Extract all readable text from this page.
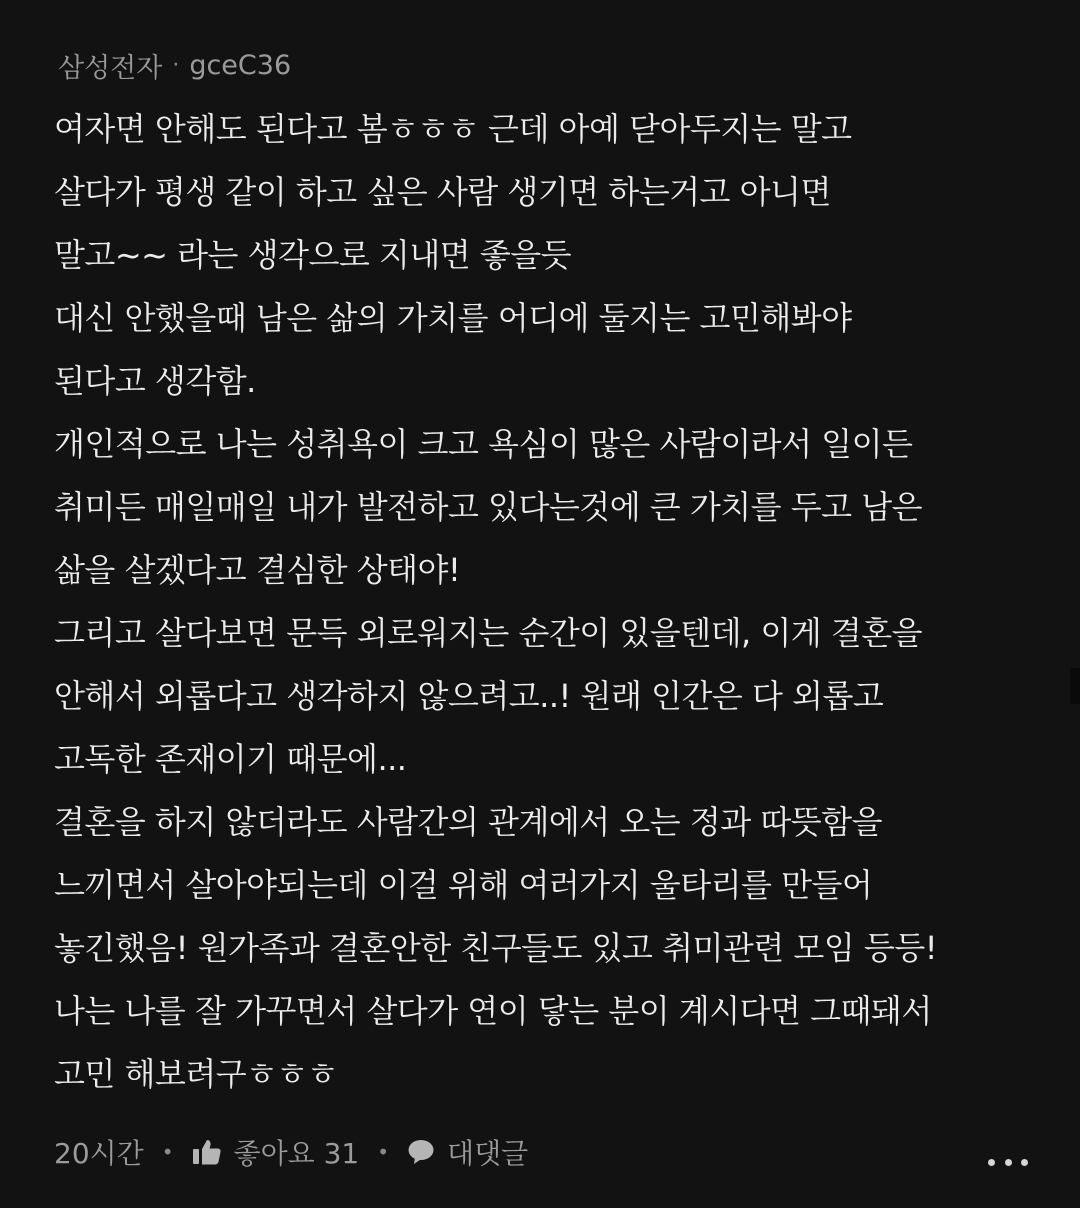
삼성전자 · gceC36
여자면 안해도 된다고 봄ㅎㅎㅎ 근데 아예 닫아두지는 말고
살다가 평생 같이 하고 싶은 사람 생기면 하는거고 아니면
말고~~ 라는 생각으로 지내면 좋을듯
대신 안했을때 남은 삶의 가치를 어디에 둘지는 고민해봐야
된다고 생각함.
개인적으로 나는 성취욕이 크고 욕심이 많은 사람이라서 일이든
취미든 매일매일 내가 발전하고 있다는것에 큰 가치를 두고 남은
삶을 살겠다고 결심한 상태야!
그리고 살다보면 문득 외로워지는 순간이 있을텐데, 이게 결혼을
안해서 외롭다고 생각하지 않으려고..! 원래 인간은 다 외롭고
고독한 존재이기 때문에...
결혼을 하지 않더라도 사람간의 관계에서 오는 정과 따뜻함을
느끼면서 살아야되는데 이걸 위해 여러가지 울타리를 만들어
놓긴했음! 원가족과 결혼안한 친구들도 있고 취미관련 모임 등등!
나는 나를 잘 가꾸면서 살다가 연이 닿는 분이 계시다면 그때돼서
고민 해보려구ㅎㅎㅎ
20시간 • 좋아요 31 • 대댓글
